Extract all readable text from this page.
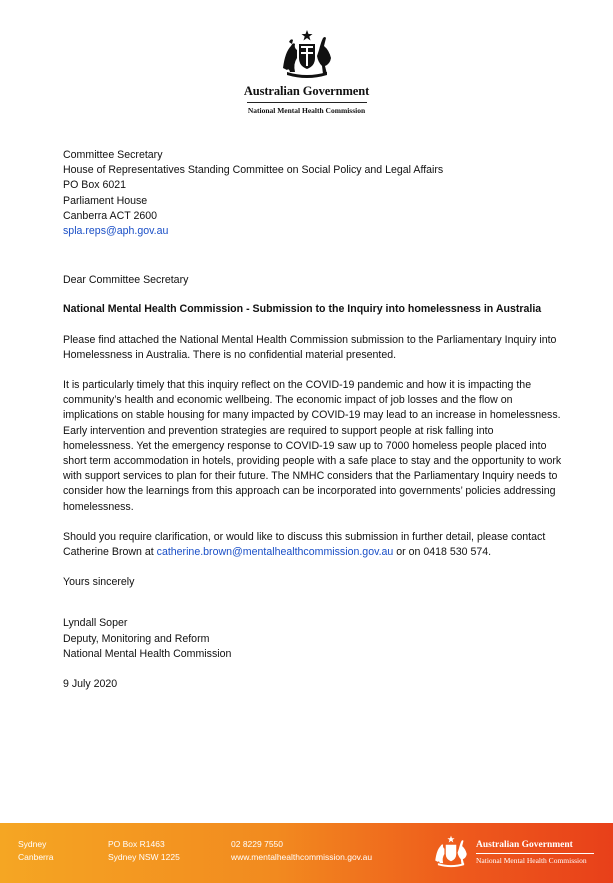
Australian Government
National Mental Health Commission

Committee Secretary

House of Representatives Standing Committee on Social Policy and Legal Affairs

PO Box 6021

Parliament House

Canberra ACT 2600

spla.reps@aph.gov.au

Dear Committee Secretary

National Mental Health Commission - Submission to the Inquiry into homelessness in Australia

Please find attached the National Mental Health Commission submission to the Parliamentary Inquiry into Homelessness in Australia. There is no confidential material presented.

It is particularly timely that this inquiry reflect on the COVID-19 pandemic and how it is impacting the community’s health and economic wellbeing. The economic impact of job losses and the flow on implications on stable housing for many impacted by COVID-19 may lead to an increase in homelessness. Early intervention and prevention strategies are required to support people at risk falling into homelessness. Yet the emergency response to COVID-19 saw up to 7000 homeless people placed into short term accommodation in hotels, providing people with a safe place to stay and the opportunity to work with support services to plan for their future. The NMHC considers that the Parliamentary Inquiry needs to consider how the learnings from this approach can be incorporated into governments’ policies addressing homelessness.

Should you require clarification, or would like to discuss this submission in further detail, please contact Catherine Brown at catherine.brown@mentalhealthcommission.gov.au or on 0418 530 574.

Yours sincerely

Lyndall Soper

Deputy, Monitoring and Reform

National Mental Health Commission

9 July 2020

Sydney
Canberra
PO Box R1463
Sydney NSW 1225
02 8229 7550
www.mentalhealthcommission.gov.au
Australian Government
National Mental Health Commission
